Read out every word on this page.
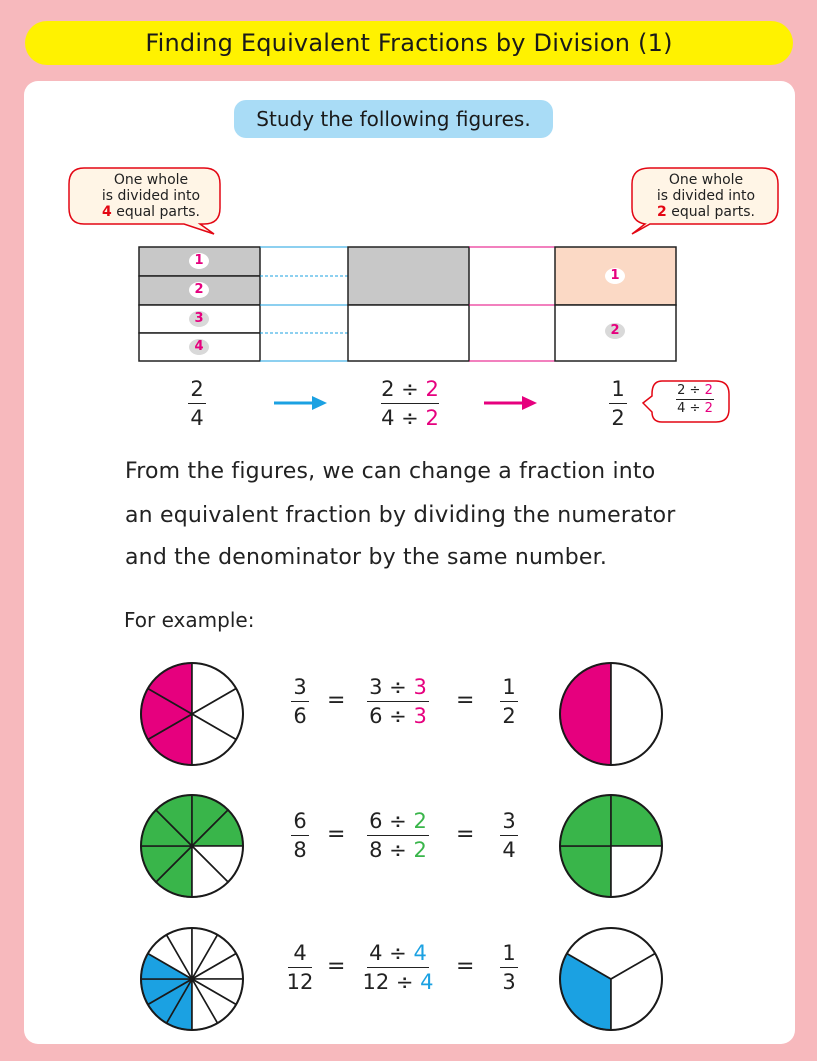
Finding Equivalent Fractions by Division (1)
Study the following figures.
One whole
is divided into
4 equal parts.
One whole
is divided into
2 equal parts.
1
2
3
4
1
2
2
4
2 ÷ 2
4 ÷ 2
1
2
2 ÷ 2
4 ÷ 2
From the figures, we can change a fraction into
an equivalent fraction by dividing the numerator
and the denominator by the same number.
For example:
3
6
=
3 ÷ 3
6 ÷ 3
=
1
2
6
8
=
6 ÷ 2
8 ÷ 2
=
3
4
4
12
=
4 ÷ 4
12 ÷ 4
=
1
3
